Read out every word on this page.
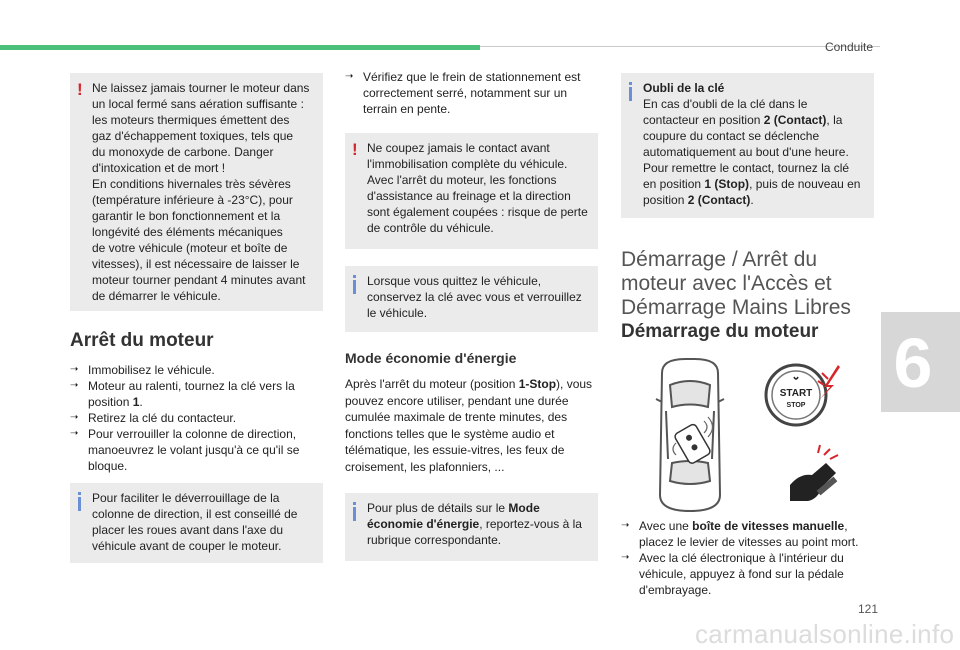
Conduite
6
121
carmanualsonline.info
! Ne laissez jamais tourner le moteur dans
un local fermé sans aération suffisante :
les moteurs thermiques émettent des
gaz d'échappement toxiques, tels que
du monoxyde de carbone. Danger
d'intoxication et de mort !
En conditions hivernales très sévères
(température inférieure à -23°C), pour
garantir le bon fonctionnement et la
longévité des éléments mécaniques
de votre véhicule (moteur et boîte de
vitesses), il est nécessaire de laisser le
moteur tourner pendant 4 minutes avant
de démarrer le véhicule.
Arrêt du moteur
➝ Immobilisez le véhicule.
➝ Moteur au ralenti, tournez la clé vers la position 1.
➝ Retirez la clé du contacteur.
➝ Pour verrouiller la colonne de direction, manoeuvrez le volant jusqu'à ce qu'il se bloque.
Pour faciliter le déverrouillage de la
colonne de direction, il est conseillé de
placer les roues avant dans l'axe du
véhicule avant de couper le moteur.
➝ Vérifiez que le frein de stationnement est correctement serré, notamment sur un terrain en pente.
! Ne coupez jamais le contact avant
l'immobilisation complète du véhicule.
Avec l'arrêt du moteur, les fonctions
d'assistance au freinage et la direction
sont également coupées : risque de perte
de contrôle du véhicule.
Lorsque vous quittez le véhicule,
conservez la clé avec vous et verrouillez
le véhicule.
Mode économie d'énergie

Après l'arrêt du moteur (position 1-Stop), vous pouvez encore utiliser, pendant une durée cumulée maximale de trente minutes, des fonctions telles que le système audio et télématique, les essuie-vitres, les feux de croisement, les plafonniers, ...

Pour plus de détails sur le Mode économie d'énergie, reportez-vous à la rubrique correspondante.

Oubli de la clé

En cas d'oubli de la clé dans le contacteur en position 2 (Contact), la coupure du contact se déclenche automatiquement au bout d'une heure.

Pour remettre le contact, tournez la clé en position 1 (Stop), puis de nouveau en position 2 (Contact).

Démarrage / Arrêt du
moteur avec l'Accès et
Démarrage Mains Libres
Démarrage du moteur
START
STOP
➝ Avec une boîte de vitesses manuelle, placez le levier de vitesses au point mort.
➝ Avec la clé électronique à l'intérieur du véhicule, appuyez à fond sur la pédale d'embrayage.
